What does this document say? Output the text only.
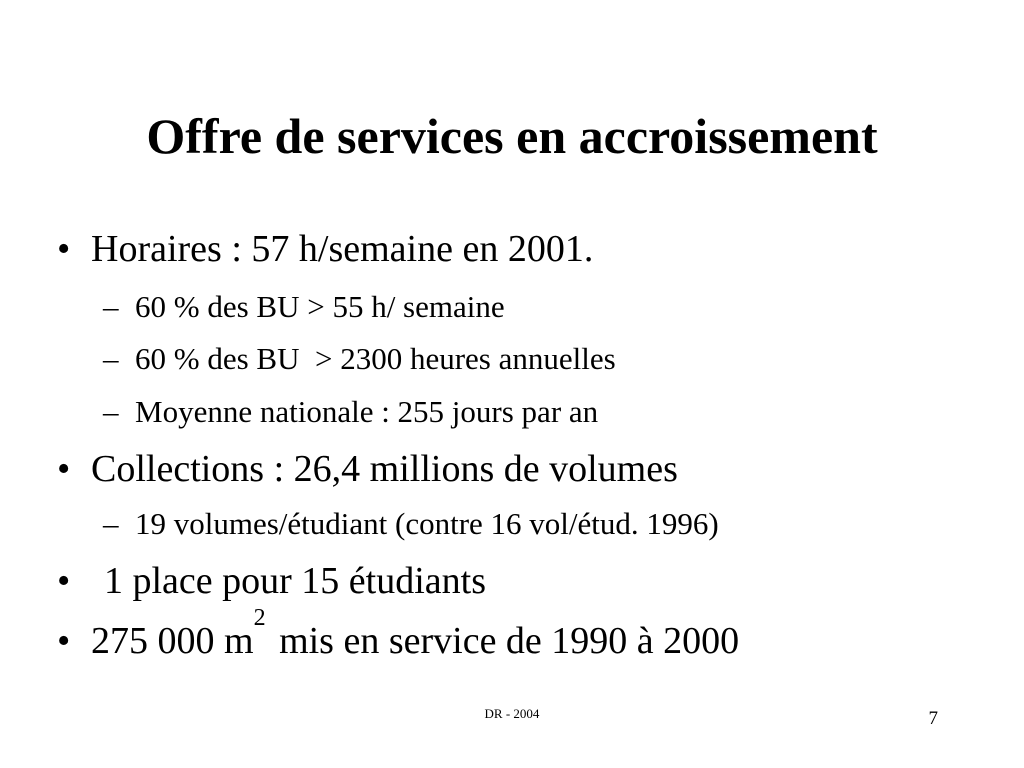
Offre de services en accroissement
• Horaires : 57 h/semaine en 2001.
– 60 % des BU > 55 h/ semaine
– 60 % des BU  > 2300 heures annuelles
– Moyenne nationale : 255 jours par an
• Collections : 26,4 millions de volumes
– 19 volumes/étudiant (contre 16 vol/étud. 1996)
• 1 place pour 15 étudiants
• 275 000 $m^2$ mis en service de 1990 à 2000
DR - 2004	7
